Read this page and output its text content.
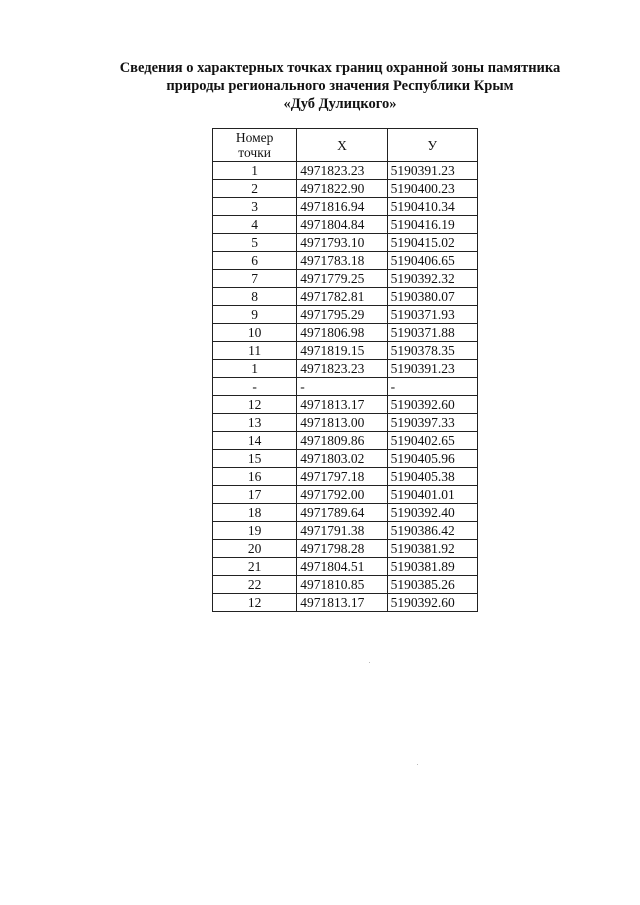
Сведения о характерных точках границ охранной зоны памятника
природы регионального значения Республики Крым
«Дуб Дулицкого»
Номер
точки	X	У
1	4971823.23	5190391.23
2	4971822.90	5190400.23
3	4971816.94	5190410.34
4	4971804.84	5190416.19
5	4971793.10	5190415.02
6	4971783.18	5190406.65
7	4971779.25	5190392.32
8	4971782.81	5190380.07
9	4971795.29	5190371.93
10	4971806.98	5190371.88
11	4971819.15	5190378.35
1	4971823.23	5190391.23
-	-	-
12	4971813.17	5190392.60
13	4971813.00	5190397.33
14	4971809.86	5190402.65
15	4971803.02	5190405.96
16	4971797.18	5190405.38
17	4971792.00	5190401.01
18	4971789.64	5190392.40
19	4971791.38	5190386.42
20	4971798.28	5190381.92
21	4971804.51	5190381.89
22	4971810.85	5190385.26
12	4971813.17	5190392.60
